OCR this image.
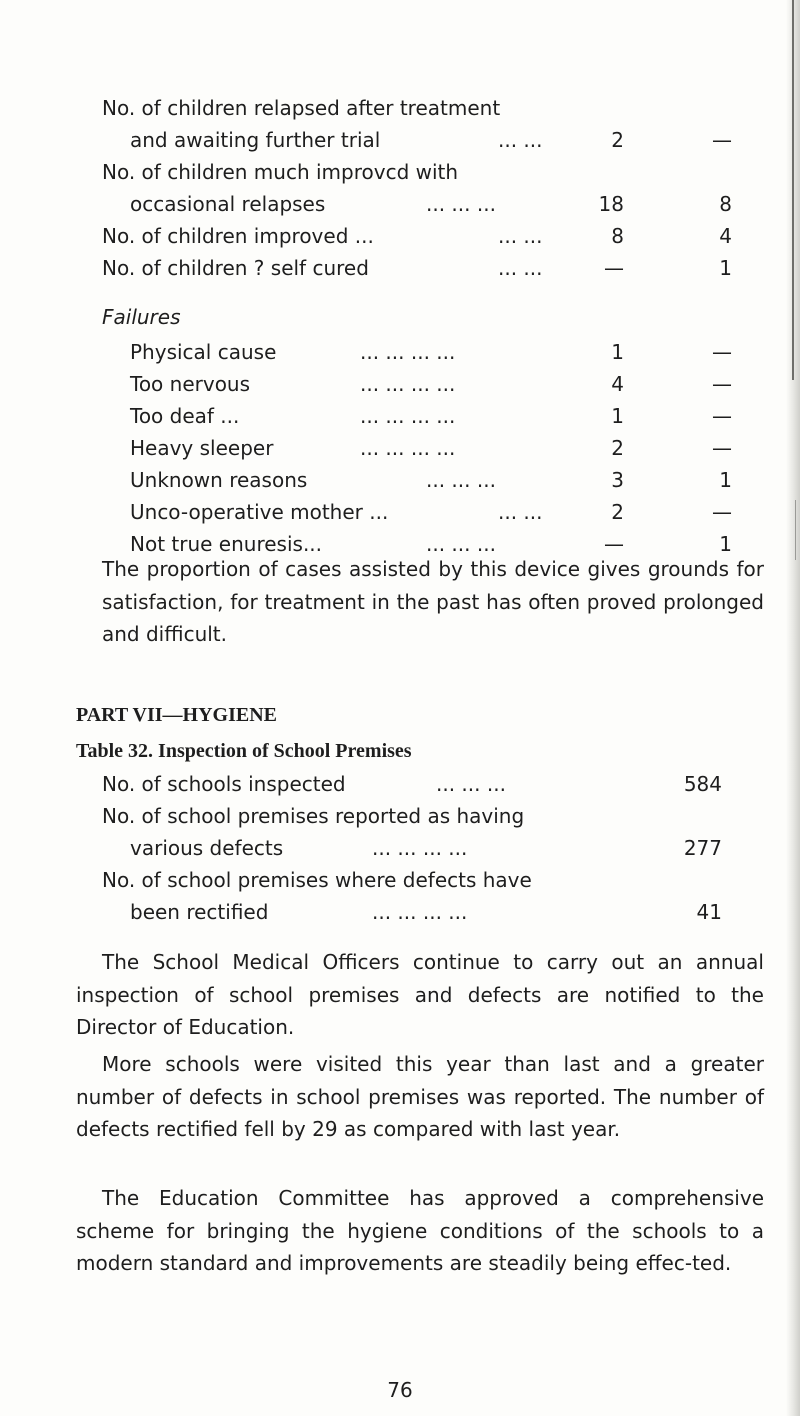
No. of children relapsed after treatment
and awaiting further trial	... ...	2	—
No. of children much improvcd with
occasional relapses	... ... ...	18	8
No. of children improved ...	... ...	8	4
No. of children ? self cured	... ...	—	1
Failures
Physical cause	... ... ... ...	1	—
Too nervous	... ... ... ...	4	—
Too deaf ...	... ... ... ...	1	—
Heavy sleeper	... ... ... ...	2	—
Unknown reasons	... ... ...	3	1
Unco-operative mother ...	... ...	2	—
Not true enuresis...	... ... ...	—	1
The proportion of cases assisted by this device gives grounds for satisfaction, for treatment in the past has often proved prolonged and difficult.
PART VII—HYGIENE
Table 32. Inspection of School Premises
No. of schools inspected	... ... ...	584
No. of school premises reported as having
various defects	... ... ... ...	277
No. of school premises where defects have
been rectified	... ... ... ...	41
The School Medical Officers continue to carry out an annual inspection of school premises and defects are notified to the Director of Education.
More schools were visited this year than last and a greater number of defects in school premises was reported. The number of defects rectified fell by 29 as compared with last year.
The Education Committee has approved a comprehensive scheme for bringing the hygiene conditions of the schools to a modern standard and improvements are steadily being effec-ted.
76
